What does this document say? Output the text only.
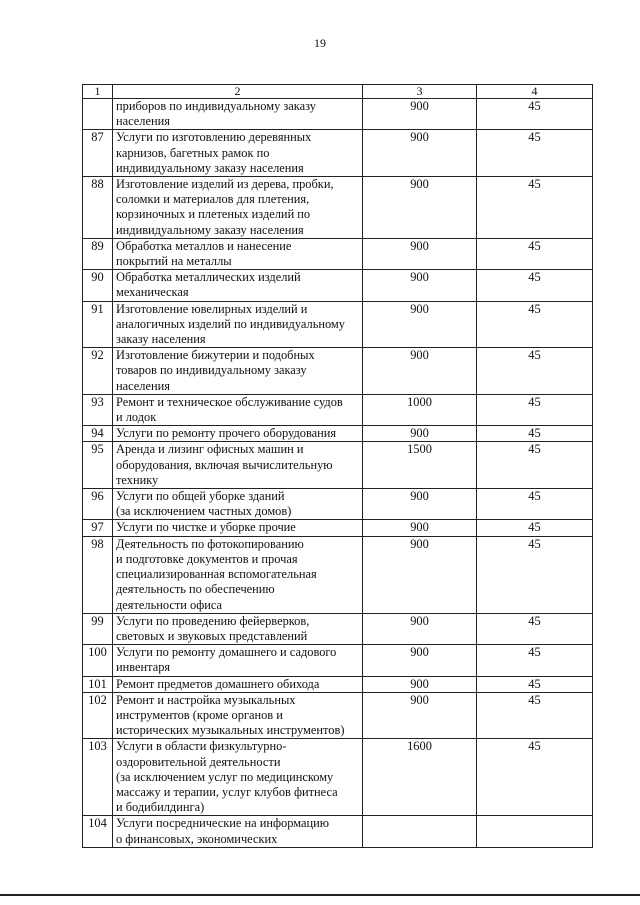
19
1	2	3	4
	приборов по индивидуальному заказу
населения	900	45
87	Услуги по изготовлению деревянных
карнизов, багетных рамок по
индивидуальному заказу населения	900	45
88	Изготовление изделий из дерева, пробки,
соломки и материалов для плетения,
корзиночных и плетеных изделий по
индивидуальному заказу населения	900	45
89	Обработка металлов и нанесение
покрытий на металлы	900	45
90	Обработка металлических изделий
механическая	900	45
91	Изготовление ювелирных изделий и
аналогичных изделий по индивидуальному
заказу населения	900	45
92	Изготовление бижутерии и подобных
товаров по индивидуальному заказу
населения	900	45
93	Ремонт и техническое обслуживание судов
и лодок	1000	45
94	Услуги по ремонту прочего оборудования	900	45
95	Аренда и лизинг офисных машин и
оборудования, включая вычислительную
технику	1500	45
96	Услуги по общей уборке зданий
(за исключением частных домов)	900	45
97	Услуги по чистке и уборке прочие	900	45
98	Деятельность по фотокопированию
и подготовке документов и прочая
специализированная вспомогательная
деятельность по обеспечению
деятельности офиса	900	45
99	Услуги по проведению фейерверков,
световых и звуковых представлений	900	45
100	Услуги по ремонту домашнего и садового
инвентаря	900	45
101	Ремонт предметов домашнего обихода	900	45
102	Ремонт и настройка музыкальных
инструментов (кроме органов и
исторических музыкальных инструментов)	900	45
103	Услуги в области физкультурно-
оздоровительной деятельности
(за исключением услуг по медицинскому
массажу и терапии, услуг клубов фитнеса
и бодибилдинга)	1600	45
104	Услуги посреднические на информацию
о финансовых, экономических		
